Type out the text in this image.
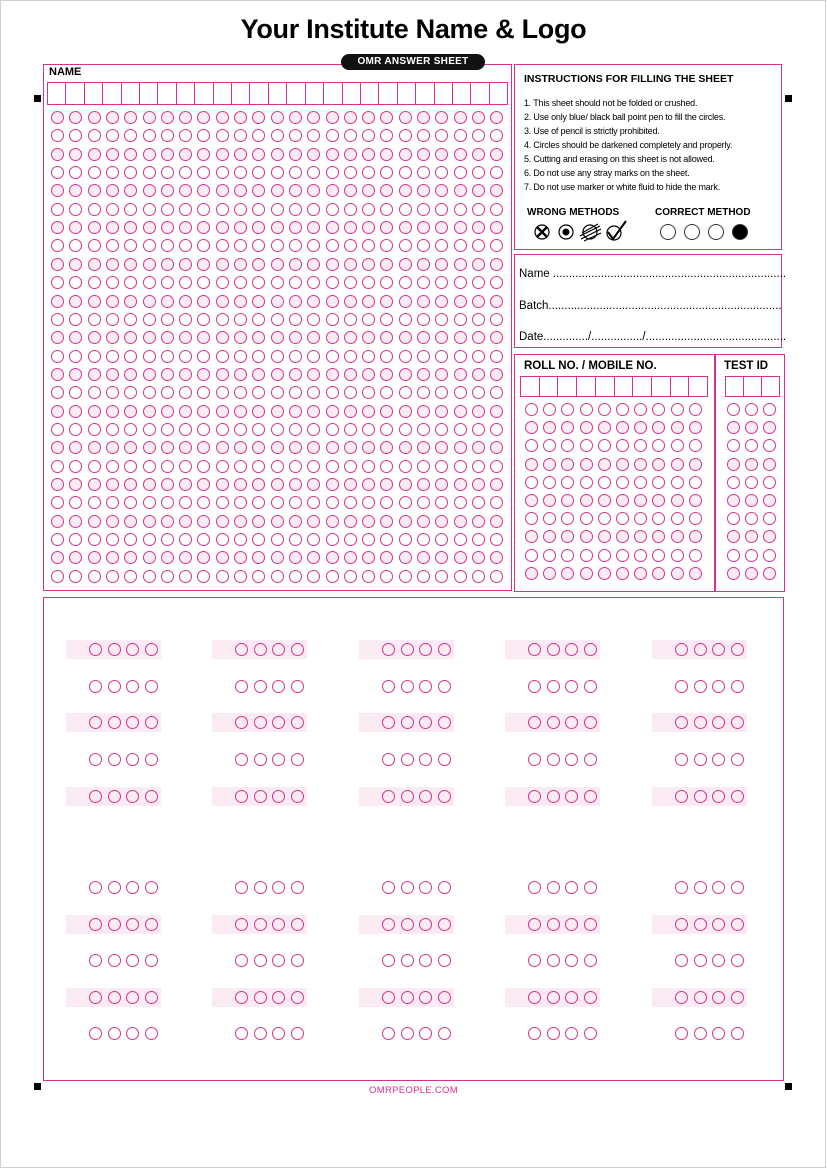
Your Institute Name & Logo
NAME
OMR ANSWER SHEET
INSTRUCTIONS FOR FILLING THE SHEET
1. This sheet should not be folded or crushed.
2. Use only blue/ black ball point pen to fill the circles.
3. Use of pencil is strictly prohibited.
4. Circles should be darkened completely and properly.
5. Cutting and erasing on this sheet is not allowed.
6. Do not use any stray marks on the sheet.
7. Do not use marker or white fluid to hide the mark.
WRONG METHODS	CORRECT METHOD
Name .........................................................................
Batch.........................................................................
Date............../................/............................................
ROLL NO. / MOBILE NO.	TEST ID
OMRPEOPLE.COM
